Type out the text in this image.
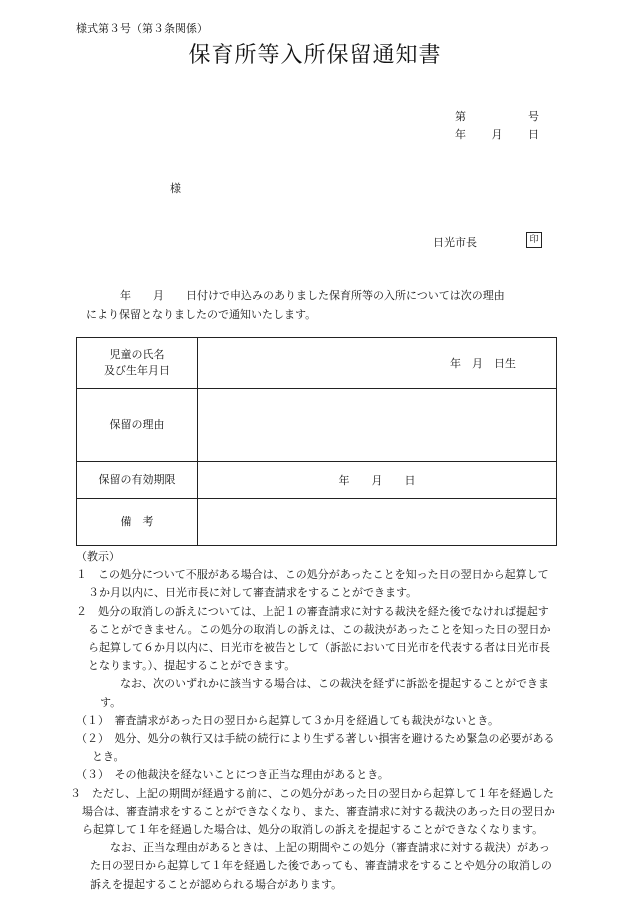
様式第３号（第３条関係）
保育所等入所保留通知書
第	号
年 月 日
様
日光市長	印
年　　月　　日付けで申込みのありました保育所等の入所については次の理由
により保留となりましたので通知いたします。
児童の氏名
及び生年月日	年　月　日生
保留の理由	
保留の有効期限	年　　月　　日
備　考	

（教示）

１　この処分について不服がある場合は、この処分があったことを知った日の翌日から起算して３か月以内に、日光市長に対して審査請求をすることができます。

２　処分の取消しの訴えについては、上記１の審査請求に対する裁決を経た後でなければ提起することができません。この処分の取消しの訴えは、この裁決があったことを知った日の翌日から起算して６か月以内に、日光市を被告として（訴訟において日光市を代表する者は日光市長となります。）、提起することができます。

なお、次のいずれかに該当する場合は、この裁決を経ずに訴訟を提起することができます。

（１）　審査請求があった日の翌日から起算して３か月を経過しても裁決がないとき。

（２）　処分、処分の執行又は手続の続行により生ずる著しい損害を避けるため緊急の必要があるとき。

（３）　その他裁決を経ないことにつき正当な理由があるとき。

３　ただし、上記の期間が経過する前に、この処分があった日の翌日から起算して１年を経過した場合は、審査請求をすることができなくなり、また、審査請求に対する裁決のあった日の翌日から起算して１年を経過した場合は、処分の取消しの訴えを提起することができなくなります。

なお、正当な理由があるときは、上記の期間やこの処分（審査請求に対する裁決）があった日の翌日から起算して１年を経過した後であっても、審査請求をすることや処分の取消しの訴えを提起することが認められる場合があります。
